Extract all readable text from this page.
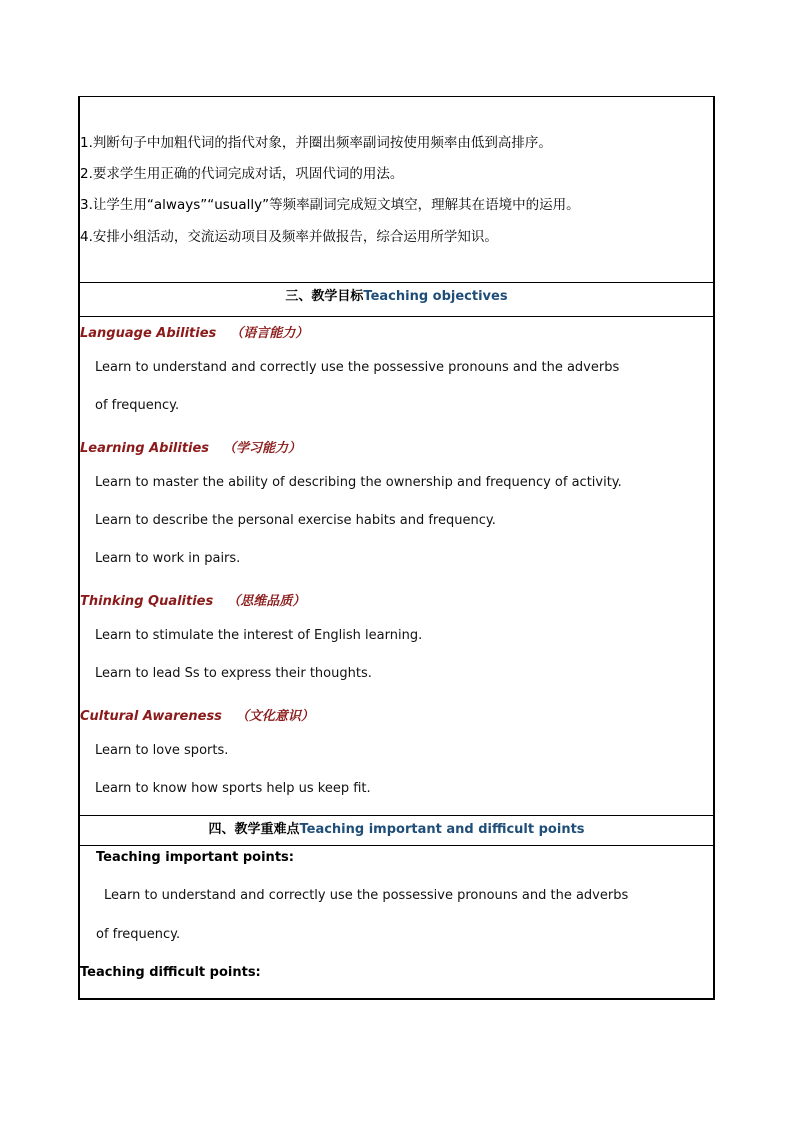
1.判断句子中加粗代词的指代对象，并圈出频率副词按使用频率由低到高排序。
2.要求学生用正确的代词完成对话，巩固代词的用法。
3.让学生用“always”“usually”等频率副词完成短文填空，理解其在语境中的运用。
4.安排小组活动，交流运动项目及频率并做报告，综合运用所学知识。
三、教学目标Teaching objectives
Language Abilities （语言能力）
Learn to understand and correctly use the possessive pronouns and the adverbs
of frequency.
Learning Abilities （学习能力）
Learn to master the ability of describing the ownership and frequency of activity.
Learn to describe the personal exercise habits and frequency.
Learn to work in pairs.
Thinking Qualities （思维品质）
Learn to stimulate the interest of English learning.
Learn to lead Ss to express their thoughts.
Cultural Awareness （文化意识）
Learn to love sports.
Learn to know how sports help us keep fit.
四、教学重难点Teaching important and difficult points
Teaching important points:
Learn to understand and correctly use the possessive pronouns and the adverbs
of frequency.
Teaching difficult points:
